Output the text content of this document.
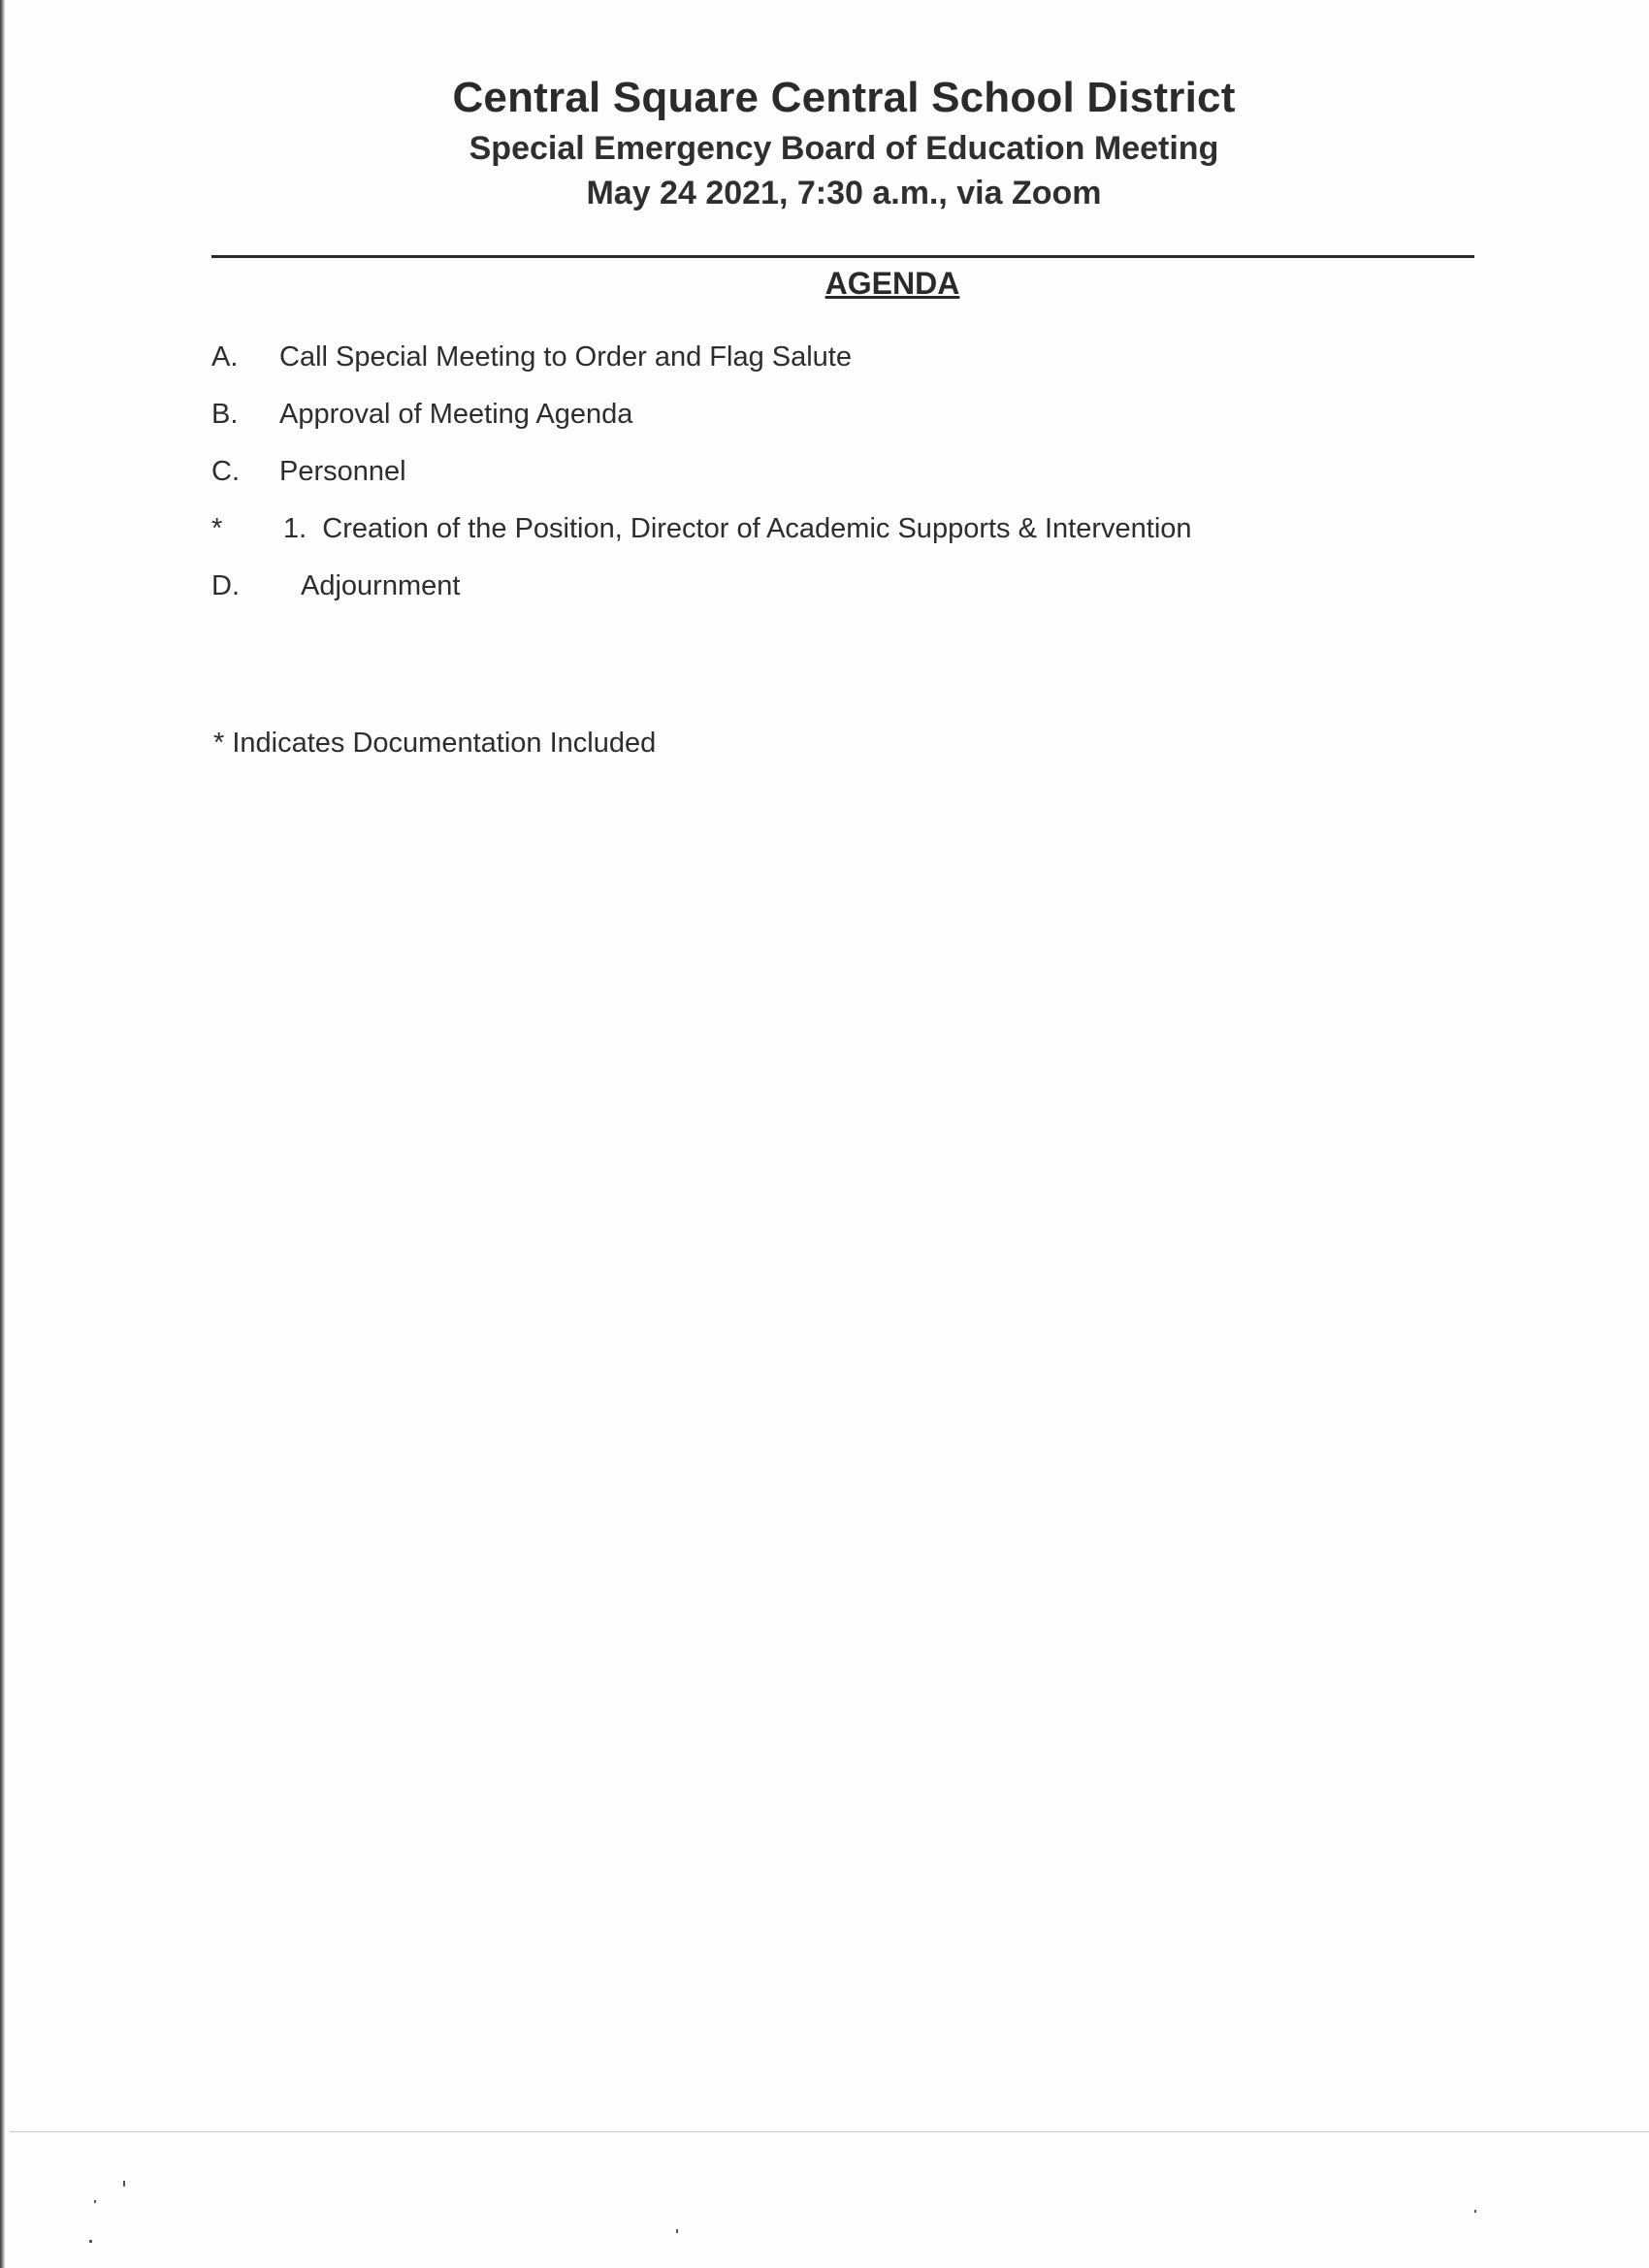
Central Square Central School District
Special Emergency Board of Education Meeting
May 24 2021, 7:30 a.m., via Zoom
AGENDA
A. Call Special Meeting to Order and Flag Salute
B. Approval of Meeting Agenda
C. Personnel
* 1.  Creation of the Position, Director of Academic Supports & Intervention
D. Adjournment
* Indicates Documentation Included
